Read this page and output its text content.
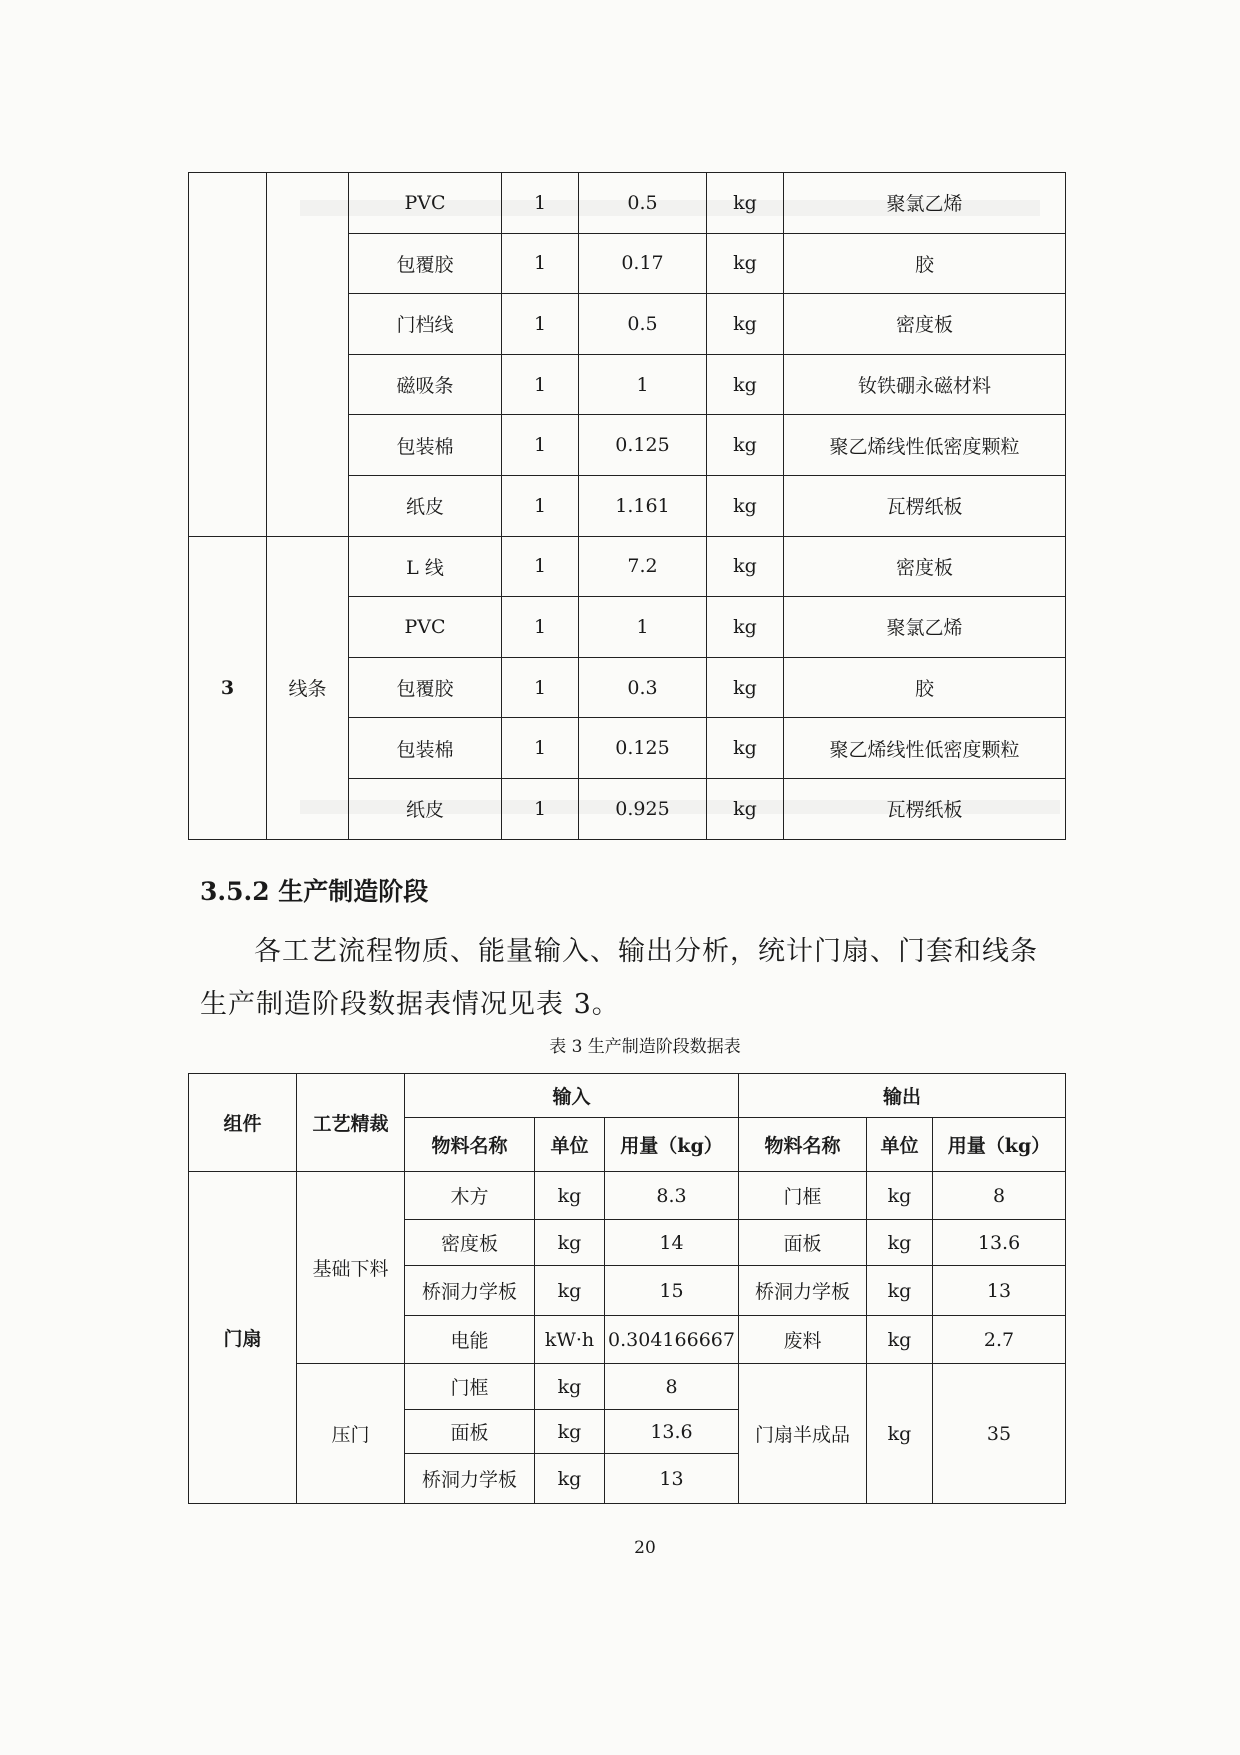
		PVC	1	0.5	kg	聚氯乙烯
		包覆胶	1	0.17	kg	胶
		门档线	1	0.5	kg	密度板
		磁吸条	1	1	kg	钕铁硼永磁材料
		包装棉	1	0.125	kg	聚乙烯线性低密度颗粒
		纸皮	1	1.161	kg	瓦楞纸板
3	线条	L 线	1	7.2	kg	密度板
		PVC	1	1	kg	聚氯乙烯
		包覆胶	1	0.3	kg	胶
		包装棉	1	0.125	kg	聚乙烯线性低密度颗粒
		纸皮	1	0.925	kg	瓦楞纸板
3.5.2 生产制造阶段

各工艺流程物质、能量输入、输出分析，统计门扇、门套和线条生产制造阶段数据表情况见表 3。

表 3 生产制造阶段数据表
组件	工艺精裁	输入			输出		
		物料名称	单位	用量（kg）	物料名称	单位	用量（kg）
门扇	基础下料	木方	kg	8.3	门框	kg	8
		密度板	kg	14	面板	kg	13.6
		桥洞力学板	kg	15	桥洞力学板	kg	13
		电能	kW·h	0.304166667	废料	kg	2.7
	压门	门框	kg	8	门扇半成品	kg	35
		面板	kg	13.6			
		桥洞力学板	kg	13			
20
